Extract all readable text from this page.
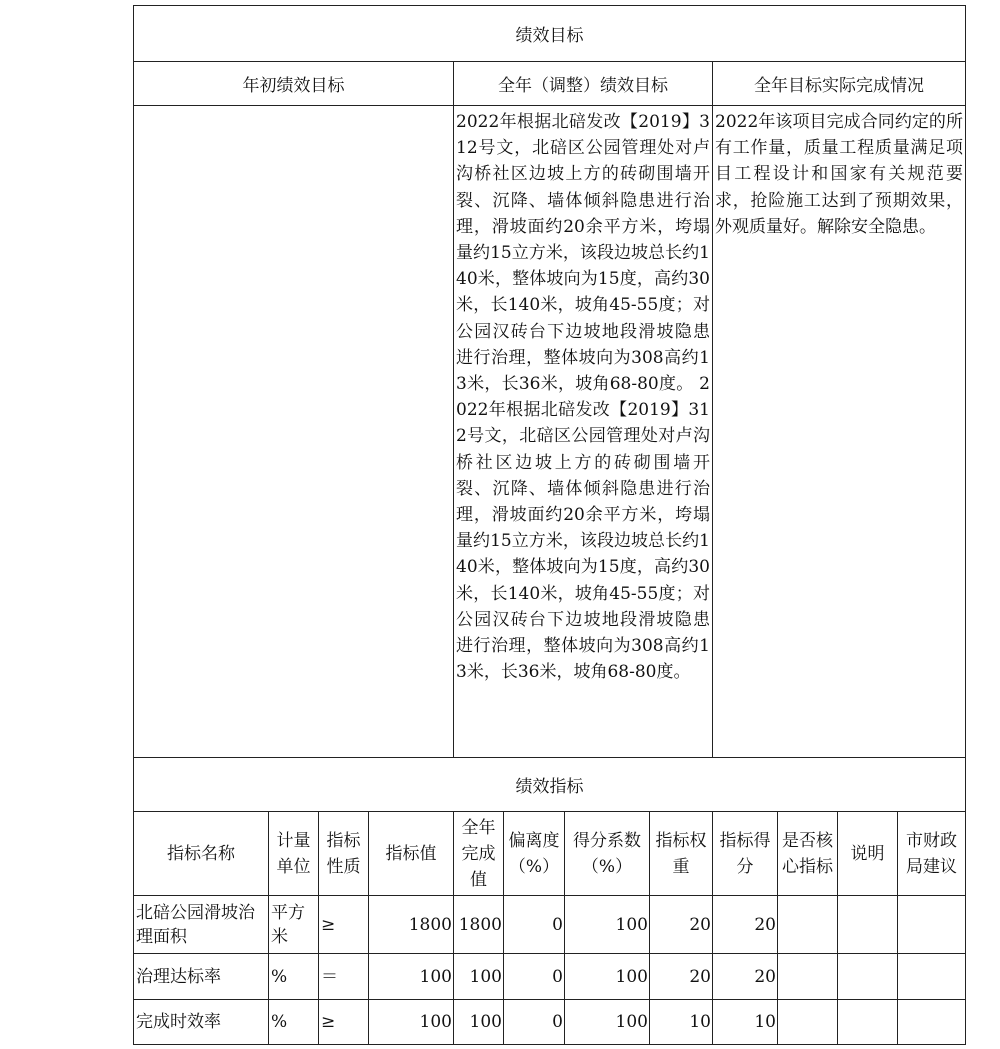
绩效目标		
年初绩效目标	全年（调整）绩效目标	全年目标实际完成情况
	2022年根据北碚发改【2019】312号文，北碚区公园管理处对卢沟桥社区边坡上方的砖砌围墙开裂、沉降、墙体倾斜隐患进行治理，滑坡面约20余平方米，垮塌量约15立方米，该段边坡总长约140米，整体坡向为15度，高约30米，长140米，坡角45-55度；对公园汉砖台下边坡地段滑坡隐患进行治理，整体坡向为308高约13米，长36米，坡角68-80度。 2022年根据北碚发改【2019】312号文，北碚区公园管理处对卢沟桥社区边坡上方的砖砌围墙开裂、沉降、墙体倾斜隐患进行治理，滑坡面约20余平方米，垮塌量约15立方米，该段边坡总长约140米，整体坡向为15度，高约30米，长140米，坡角45-55度；对公园汉砖台下边坡地段滑坡隐患进行治理，整体坡向为308高约13米，长36米，坡角68-80度。	2022年该项目完成合同约定的所有工作量，质量工程质量满足项目工程设计和国家有关规范要求，抢险施工达到了预期效果，外观质量好。解除安全隐患。
绩效指标		
指标名称	计量单位	指标性质	指标值	全年完成值	偏离度（%）	得分系数（%）	指标权重	指标得分	是否核心指标	说明	市财政局建议
北碚公园滑坡治理面积	平方米	≥	1800	1800	0	100	20	20			
治理达标率	%	＝	100	100	0	100	20	20			
完成时效率	%	≥	100	100	0	100	10	10			
